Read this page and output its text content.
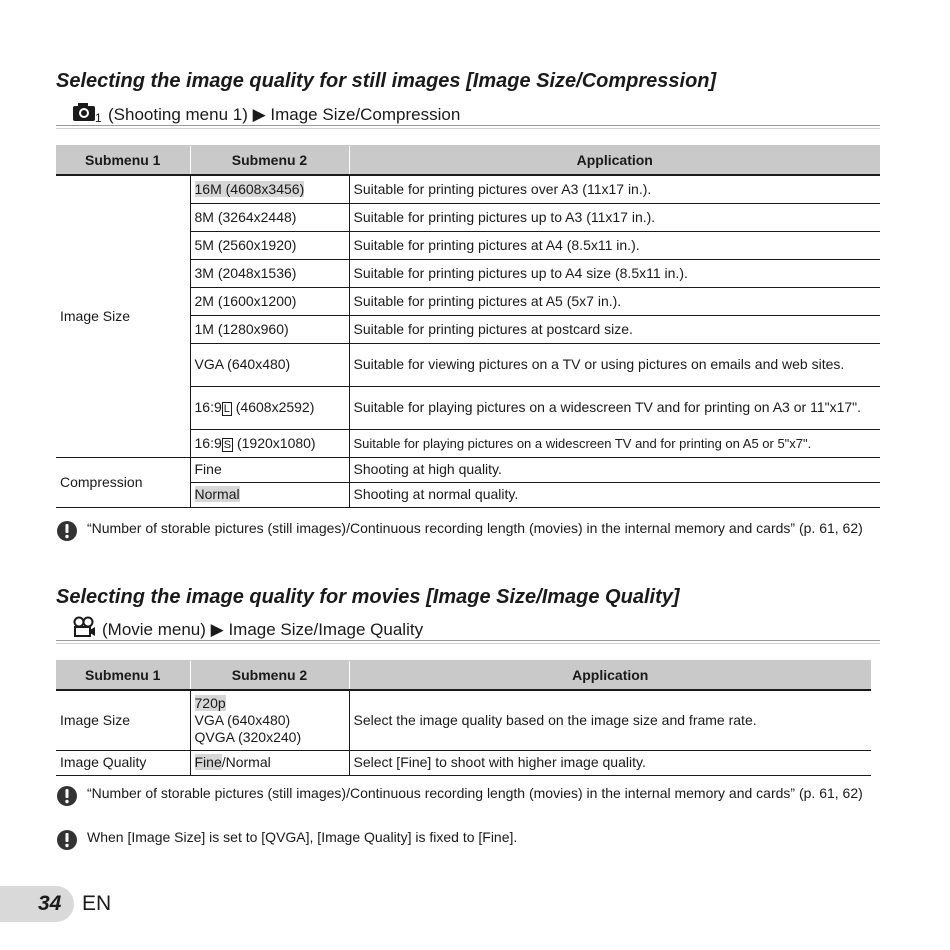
Selecting the image quality for still images [Image Size/Compression]
1 (Shooting menu 1) ▶ Image Size/Compression
Submenu 1	Submenu 2	Application
Image Size	16M (4608x3456)	Suitable for printing pictures over A3 (11x17 in.).
	8M (3264x2448)	Suitable for printing pictures up to A3 (11x17 in.).
	5M (2560x1920)	Suitable for printing pictures at A4 (8.5x11 in.).
	3M (2048x1536)	Suitable for printing pictures up to A4 size (8.5x11 in.).
	2M (1600x1200)	Suitable for printing pictures at A5 (5x7 in.).
	1M (1280x960)	Suitable for printing pictures at postcard size.
	VGA (640x480)	Suitable for viewing pictures on a TV or using pictures on emails and web sites.
	16:9 L (4608x2592)	Suitable for playing pictures on a widescreen TV and for printing on A3 or 11"x17".
	16:9 S (1920x1080)	Suitable for playing pictures on a widescreen TV and for printing on A5 or 5"x7".
Compression	Fine	Shooting at high quality.
	Normal	Shooting at normal quality.
“Number of storable pictures (still images)/Continuous recording length (movies) in the internal memory and cards” (p. 61, 62)
Selecting the image quality for movies [Image Size/Image Quality]
(Movie menu) ▶ Image Size/Image Quality
Submenu 1	Submenu 2	Application
Image Size	720p
VGA (640x480)
QVGA (320x240)	Select the image quality based on the image size and frame rate.
Image Quality	Fine/Normal	Select [Fine] to shoot with higher image quality.
“Number of storable pictures (still images)/Continuous recording length (movies) in the internal memory and cards” (p. 61, 62)
When [Image Size] is set to [QVGA], [Image Quality] is fixed to [Fine].
34 EN
